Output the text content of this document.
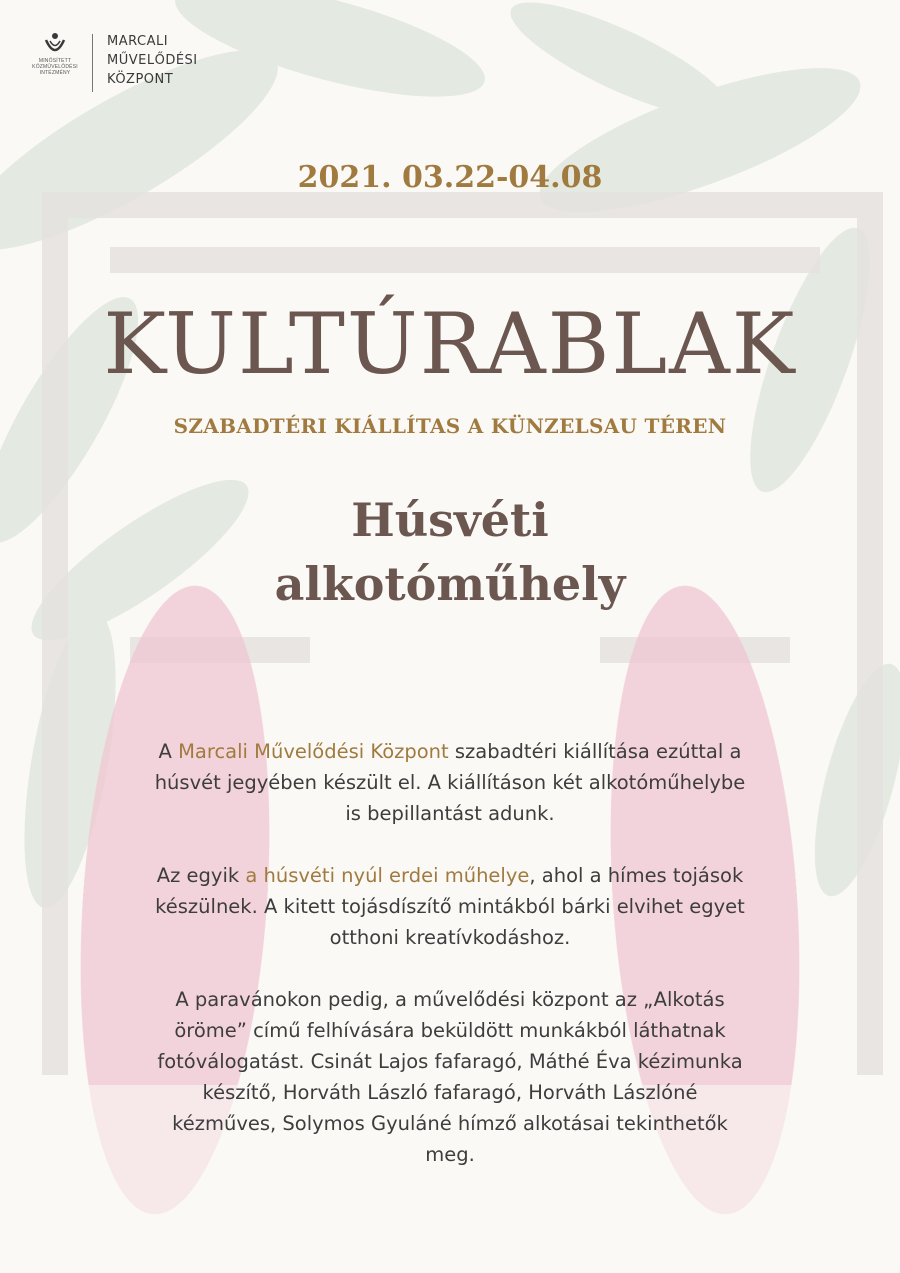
MINŐSÍTETT
KÖZMŰVELŐDÉSI
INTÉZMÉNY
MARCALI
MŰVELŐDÉSI
KÖZPONT
2021. 03.22-04.08
KULTÚRABLAK
SZABADTÉRI KIÁLLÍTAS A KÜNZELSAU TÉREN
Húsvéti
alkotóműhely

A Marcali Művelődési Központ szabadtéri kiállítása ezúttal a húsvét jegyében készült el. A kiállításon két alkotóműhelybe is bepillantást adunk.

Az egyik a húsvéti nyúl erdei műhelye, ahol a hímes tojások készülnek. A kitett tojásdíszítő mintákból bárki elvihet egyet otthoni kreatívkodáshoz.

A paravánokon pedig, a művelődési központ az „Alkotás öröme” című felhívására beküldött munkákból láthatnak fotóválogatást. Csinát Lajos fafaragó, Máthé Éva kézimunka készítő, Horváth László fafaragó, Horváth Lászlóné kézműves, Solymos Gyuláné hímző alkotásai tekinthetők meg.
